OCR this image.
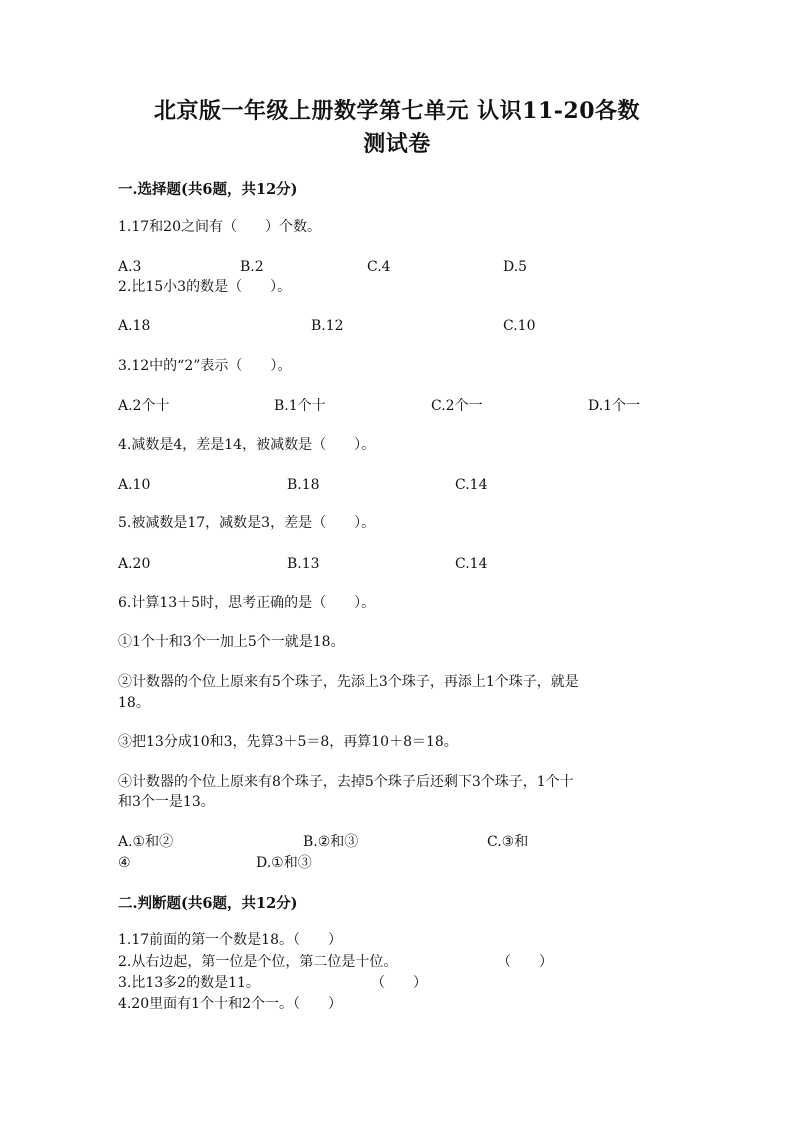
北京版一年级上册数学第七单元 认识11-20各数
测试卷
一.选择题(共6题，共12分)
1.17和20之间有（　　）个数。
A.3	B.2	C.4	D.5
2.比15小3的数是（　　）。
A.18	B.12	C.10
3.12中的“2”表示（　　）。
A.2个十	B.1个十	C.2个一	D.1个一
4.减数是4，差是14，被减数是（　　）。
A.10	B.18	C.14
5.被减数是17，减数是3，差是（　　）。
A.20	B.13	C.14
6.计算13＋5时，思考正确的是（　　）。
①1个十和3个一加上5个一就是18。
②计数器的个位上原来有5个珠子，先添上3个珠子，再添上1个珠子，就是
18。
③把13分成10和3，先算3＋5＝8，再算10＋8＝18。
④计数器的个位上原来有8个珠子，去掉5个珠子后还剩下3个珠子，1个十
和3个一是13。
A.①和②	B.②和③	C.③和
④	D.①和③
二.判断题(共6题，共12分)
1.17前面的第一个数是18。（　　）
2.从右边起，第一位是个位，第二位是十位。	（　　）
3.比13多2的数是11。	（　　）
4.20里面有1个十和2个一。（　　）
